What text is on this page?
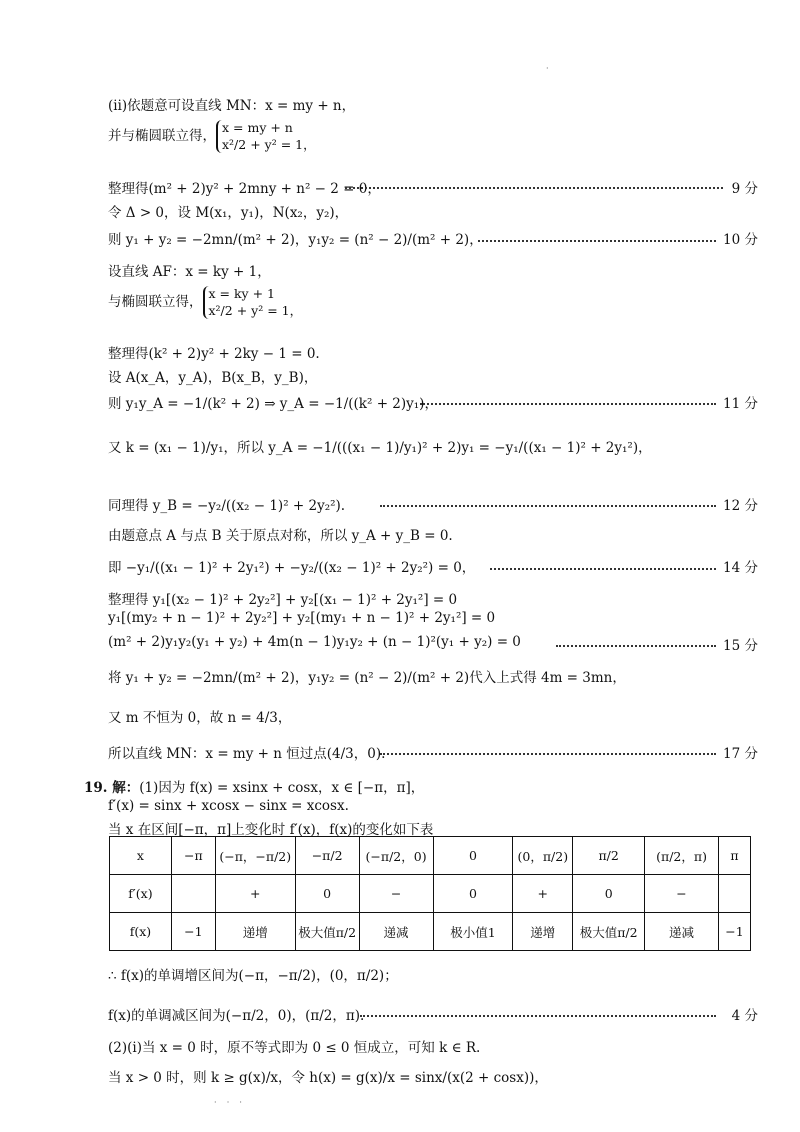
·
(ⅱ)依题意可设直线 MN：x = my + n，
并与椭圆联立得，
x = my + n
x²/2 + y² = 1，
整理得(m² + 2)y² + 2mny + n² − 2 = 0，	9 分
令 Δ > 0，设 M(x₁，y₁)，N(x₂，y₂)，
则 y₁ + y₂ = −2mn/(m² + 2)，y₁y₂ = (n² − 2)/(m² + 2)，	10 分
设直线 AF：x = ky + 1，
与椭圆联立得，
x = ky + 1
x²/2 + y² = 1，
整理得(k² + 2)y² + 2ky − 1 = 0.
设 A(x_A，y_A)，B(x_B，y_B)，
则 y₁y_A = −1/(k² + 2) ⇒ y_A = −1/((k² + 2)y₁)，	11 分
又 k = (x₁ − 1)/y₁，所以 y_A = −1/(((x₁ − 1)/y₁)² + 2)y₁ = −y₁/((x₁ − 1)² + 2y₁²)，
同理得 y_B = −y₂/((x₂ − 1)² + 2y₂²).	12 分
由题意点 A 与点 B 关于原点对称，所以 y_A + y_B = 0.
即 −y₁/((x₁ − 1)² + 2y₁²) + −y₂/((x₂ − 1)² + 2y₂²) = 0，	14 分
整理得 y₁[(x₂ − 1)² + 2y₂²] + y₂[(x₁ − 1)² + 2y₁²] = 0
y₁[(my₂ + n − 1)² + 2y₂²] + y₂[(my₁ + n − 1)² + 2y₁²] = 0
(m² + 2)y₁y₂(y₁ + y₂) + 4m(n − 1)y₁y₂ + (n − 1)²(y₁ + y₂) = 0	15 分
将 y₁ + y₂ = −2mn/(m² + 2)，y₁y₂ = (n² − 2)/(m² + 2)代入上式得 4m = 3mn，
又 m 不恒为 0，故 n = 4/3，
所以直线 MN：x = my + n 恒过点(4/3，0).	17 分
19. 解：(1)因为 f(x) = xsinx + cosx，x ∈ [−π，π]，
f′(x) = sinx + xcosx − sinx = xcosx.
当 x 在区间[−π，π]上变化时 f′(x)，f(x)的变化如下表
x	−π	(−π，−π/2)	−π/2	(−π/2，0)	0	(0，π/2)	π/2	(π/2，π)	π
f′(x)		+	0	−	0	+	0	−	
f(x)	−1	递增	极大值π/2	递减	极小值1	递增	极大值π/2	递减	−1
∴ f(x)的单调增区间为(−π，−π/2)，(0，π/2)；
f(x)的单调减区间为(−π/2，0)，(π/2，π).	4 分
(2)(ⅰ)当 x = 0 时，原不等式即为 0 ≤ 0 恒成立，可知 k ∈ R.
当 x > 0 时，则 k ≥ g(x)/x，令 h(x) = g(x)/x = sinx/(x(2 + cosx))，
·    ·    ·
